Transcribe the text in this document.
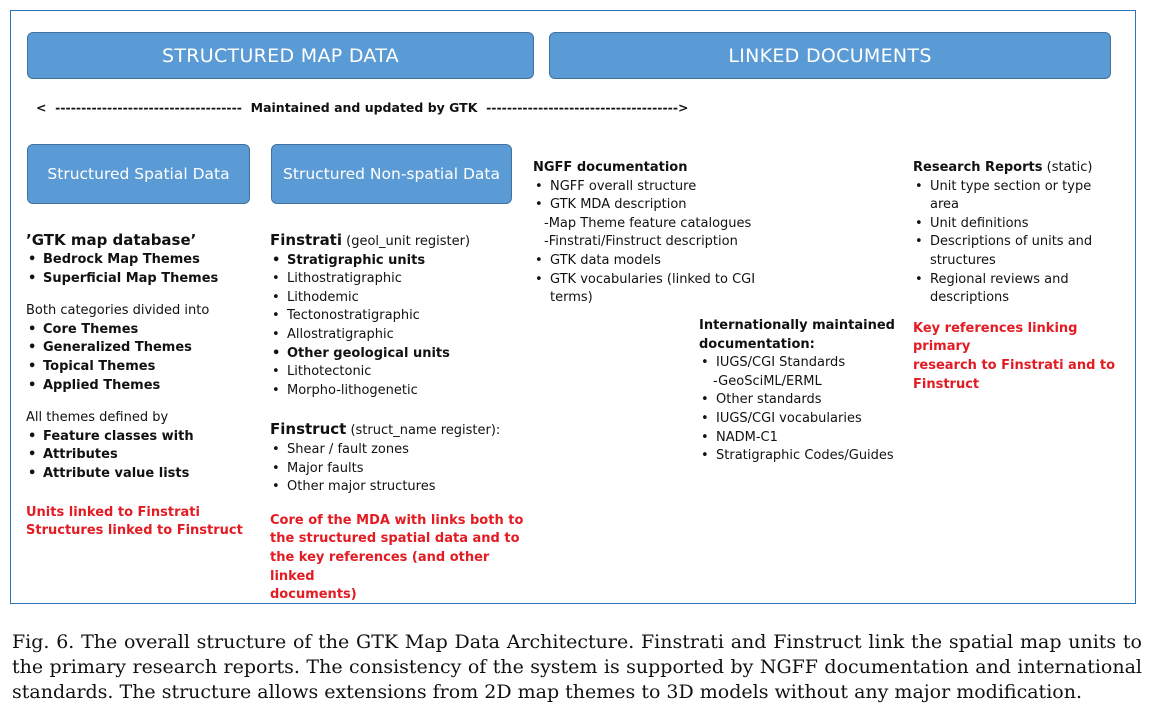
STRUCTURED MAP DATA	LINKED DOCUMENTS
<  ------------------------------------  Maintained and updated by GTK  ------------------------------------->
Structured Spatial Data	Structured Non-spatial Data

’GTK map database’

• Bedrock Map Themes

• Superficial Map Themes

Both categories divided into

• Core Themes

• Generalized Themes

• Topical Themes

• Applied Themes

All themes defined by

• Feature classes with

• Attributes

• Attribute value lists

Units linked to Finstrati

Structures linked to Finstruct

Finstrati (geol_unit register)

• Stratigraphic units

• Lithostratigraphic

• Lithodemic

• Tectonostratigraphic

• Allostratigraphic

• Other geological units

• Lithotectonic

• Morpho-lithogenetic

Finstruct (struct_name register):

• Shear / fault zones

• Major faults

• Other major structures

Core of the MDA with links both to

the structured spatial data and to

the key references (and other linked

documents)

NGFF documentation

• NGFF overall structure

• GTK MDA description

-Map Theme feature catalogues

-Finstrati/Finstruct description

• GTK data models

• GTK vocabularies (linked to CGI

terms)

Internationally maintained

documentation:

• IUGS/CGI Standards

-GeoSciML/ERML

• Other standards

• IUGS/CGI vocabularies

• NADM-C1

• Stratigraphic Codes/Guides

Research Reports (static)

• Unit type section or type

area

• Unit definitions

• Descriptions of units and

structures

• Regional reviews and

descriptions

Key references linking primary

research to Finstrati and to

Finstruct

Fig. 6. The overall structure of the GTK Map Data Architecture. Finstrati and Finstruct link the spatial map units to the primary research reports. The consistency of the system is supported by NGFF documentation and international standards. The structure allows extensions from 2D map themes to 3D models without any major modification.
